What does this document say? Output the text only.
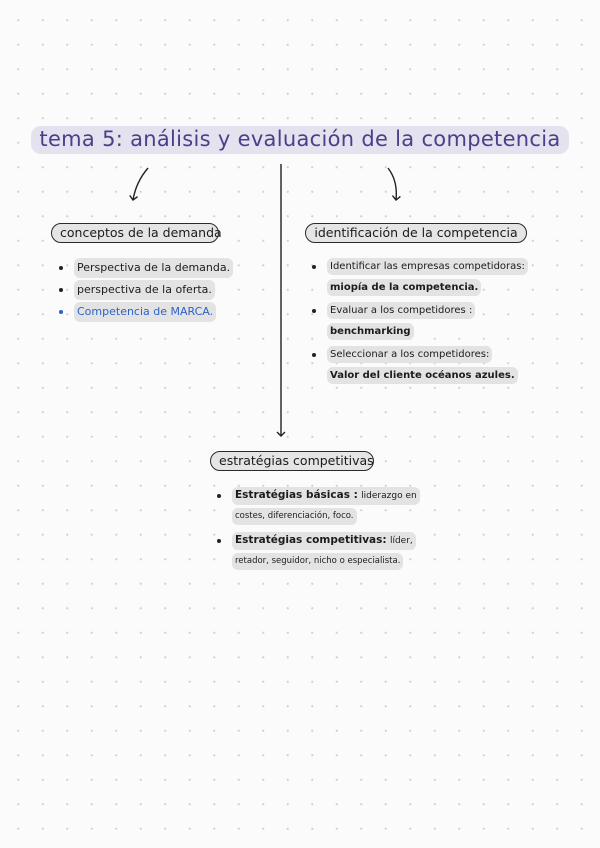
tema 5: análisis y evaluación de la competencia
conceptos de la demanda
Perspectiva de la demanda.
perspectiva de la oferta.
Competencia de MARCA.
identificación de la competencia
Identificar las empresas competidoras:
miopía de la competencia.
Evaluar a los competidores :
benchmarking
Seleccionar a los competidores:
Valor del cliente océanos azules.
estratégias competitivas
Estratégias básicas : liderazgo en
costes, diferenciación, foco.
Estratégias competitivas: líder,
retador, seguidor, nicho o especialista.
